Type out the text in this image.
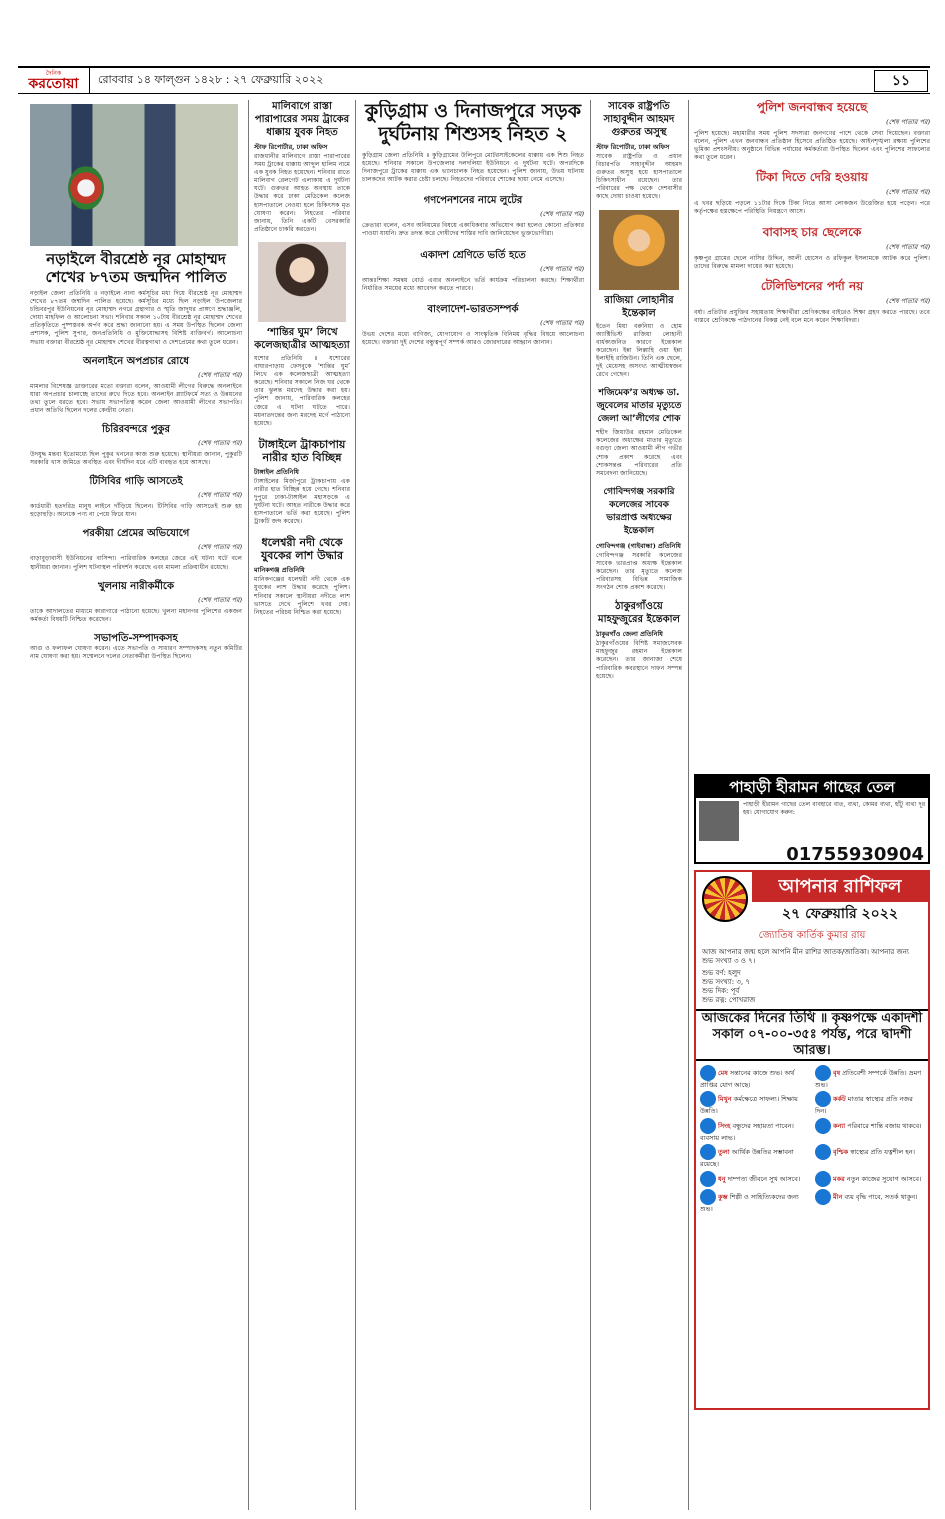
দৈনিক
করতোয়া	রোববার ১৪ ফাল্গুন ১৪২৮ : ২৭ ফেব্রুয়ারি ২০২২	১১
নড়াইলে বীরশ্রেষ্ঠ নূর মোহাম্মদ শেখের ৮৭তম জন্মদিন পালিত
নড়াইল জেলা প্রতিনিধি ॥ নড়াইলে নানা কর্মসূচির মধ্য দিয়ে বীরশ্রেষ্ঠ নূর মোহাম্মদ শেখের ৮৭তম জন্মদিন পালিত হয়েছে। কর্মসূচির মধ্যে ছিল নড়াইল উপজেলার চন্ডিবরপুর ইউনিয়নের নূর মোহাম্মদ নগরে গ্রন্থাগার ও স্মৃতি জাদুঘর প্রাঙ্গণে শ্রদ্ধাঞ্জলি, দোয়া মাহফিল ও আলোচনা সভা। শনিবার সকাল ১০টায় বীরশ্রেষ্ঠ নূর মোহাম্মদ শেখের প্রতিকৃতিতে পুষ্পস্তবক অর্পণ করে শ্রদ্ধা জানানো হয়। এ সময় উপস্থিত ছিলেন জেলা প্রশাসক, পুলিশ সুপার, জনপ্রতিনিধি ও মুক্তিযোদ্ধাসহ বিশিষ্ট ব্যক্তিবর্গ। আলোচনা সভায় বক্তারা বীরশ্রেষ্ঠ নূর মোহাম্মদ শেখের বীরত্বগাথা ও দেশপ্রেমের কথা তুলে ধরেন।
অনলাইনে অপপ্রচার রোধে
(শেষ পাতার পর)
মামলার বিশেষজ্ঞ ডাক্তারের মতো বক্তারা বলেন, আওয়ামী লীগের বিরুদ্ধে অনলাইনে যারা অপপ্রচার চালাচ্ছে তাদের রুখে দিতে হবে। অনলাইন প্ল্যাটফর্মে সত্য ও উন্নয়নের তথ্য তুলে ধরতে হবে। সভায় সভাপতিত্ব করেন জেলা আওয়ামী লীগের সভাপতি। প্রধান অতিথি ছিলেন দলের কেন্দ্রীয় নেতা।
চিরিরবন্দরে পুকুর
(শেষ পাতার পর)
উদযুদ্ধ মন্তব্য ইতোমধ্যে ছিল পুকুর খননের কাজ শুরু হয়েছে। স্থানীয়রা জানান, পুকুরটি সরকারি খাস জমিতে অবস্থিত এবং দীর্ঘদিন ধরে এটি ব্যবহৃত হয়ে আসছে।
টিসিবির গাড়ি আসতেই
(শেষ পাতার পর)
কার্ডধারী হতদরিদ্র মানুষ লাইনে দাঁড়িয়ে ছিলেন। টিসিবির গাড়ি আসতেই শুরু হয় হুড়োহুড়ি। অনেকে পণ্য না পেয়ে ফিরে যান।
পরকীয়া প্রেমের অভিযোগে
(শেষ পাতার পর)
বাড়াবুড়াবাসী ইউনিয়নের বাসিন্দা। পারিবারিক কলহের জেরে এই ঘটনা ঘটে বলে স্থানীয়রা জানান। পুলিশ ঘটনাস্থল পরিদর্শন করেছে এবং মামলা প্রক্রিয়াধীন রয়েছে।
খুলনায় নারীকর্মীকে
(শেষ পাতার পর)
তাকে আদালতের মাধ্যমে কারাগারে পাঠানো হয়েছে। খুলনা মহানগর পুলিশের একজন কর্মকর্তা বিষয়টি নিশ্চিত করেছেন।
সভাপতি-সম্পাদকসহ
আগু ও ফলাফল ঘোষণা করেন। এতে সভাপতি ও সাধারণ সম্পাদকসহ নতুন কমিটির নাম ঘোষণা করা হয়। সম্মেলনে দলের নেতাকর্মীরা উপস্থিত ছিলেন।
মালিবাগে রাস্তা পারাপারের সময় ট্রাকের ধাক্কায় যুবক নিহত
স্টাফ রিপোর্টার, ঢাকা অফিস
রাজধানীর মালিবাগে রাস্তা পারাপারের সময় ট্রাকের ধাক্কায় আব্দুল হালিম নামে এক যুবক নিহত হয়েছেন। শনিবার রাতে মালিবাগ রেলগেট এলাকায় এ দুর্ঘটনা ঘটে। গুরুতর আহত অবস্থায় তাকে উদ্ধার করে ঢাকা মেডিকেল কলেজ হাসপাতালে নেওয়া হলে চিকিৎসক মৃত ঘোষণা করেন। নিহতের পরিবার জানায়, তিনি একটি বেসরকারি প্রতিষ্ঠানে চাকরি করতেন।
‘শান্তির ঘুম’ লিখে কলেজছাত্রীর আত্মহত্যা
যশোর প্রতিনিধি ॥ যশোরের বাঘারপাড়ায় ফেসবুকে ‘শান্তির ঘুম’ লিখে এক কলেজছাত্রী আত্মহত্যা করেছে। শনিবার সকালে নিজ ঘর থেকে তার ঝুলন্ত মরদেহ উদ্ধার করা হয়। পুলিশ জানায়, পারিবারিক কলহের জেরে এ ঘটনা ঘটতে পারে। ময়নাতদন্তের জন্য মরদেহ মর্গে পাঠানো হয়েছে।
টাঙ্গাইলে ট্রাকচাপায় নারীর হাত বিচ্ছিন্ন
টাঙ্গাইল প্রতিনিধি
টাঙ্গাইলের মির্জাপুরে ট্রাকচাপায় এক নারীর হাত বিচ্ছিন্ন হয়ে গেছে। শনিবার দুপুরে ঢাকা-টাঙ্গাইল মহাসড়কে এ দুর্ঘটনা ঘটে। আহত নারীকে উদ্ধার করে হাসপাতালে ভর্তি করা হয়েছে। পুলিশ ট্রাকটি জব্দ করেছে।
ধলেশ্বরী নদী থেকে যুবকের লাশ উদ্ধার
মানিকগঞ্জ প্রতিনিধি
মানিকগঞ্জের ধলেশ্বরী নদী থেকে এক যুবকের লাশ উদ্ধার করেছে পুলিশ। শনিবার সকালে স্থানীয়রা নদীতে লাশ ভাসতে দেখে পুলিশে খবর দেয়। নিহতের পরিচয় নিশ্চিত করা হয়েছে।
কুড়িগ্রাম ও দিনাজপুরে সড়ক দুর্ঘটনায় শিশুসহ নিহত ২
কুড়িগ্রাম জেলা প্রতিনিধি ॥ কুড়িগ্রামের উলিপুরে মোটরসাইকেলের ধাক্কায় এক শিশু নিহত হয়েছে। শনিবার সকালে উপজেলার দলদলিয়া ইউনিয়নে এ দুর্ঘটনা ঘটে। অপরদিকে দিনাজপুরে ট্রাকের ধাক্কায় এক ভ্যানচালক নিহত হয়েছেন। পুলিশ জানায়, উভয় ঘটনায় চালকদের আটক করার চেষ্টা চলছে। নিহতদের পরিবারে শোকের ছায়া নেমে এসেছে।
গণপেনশনের নামে লুটের
(শেষ পাতার পর)
ক্রেতারা বলেন, এসব অনিয়মের বিষয়ে একাধিকবার অভিযোগ করা হলেও কোনো প্রতিকার পাওয়া যায়নি। দ্রুত তদন্ত করে দোষীদের শাস্তির দাবি জানিয়েছেন ভুক্তভোগীরা।
একাদশ শ্রেণিতে ভর্তি হতে
(শেষ পাতার পর)
আন্তঃশিক্ষা সমন্বয় বোর্ড এবার অনলাইনে ভর্তি কার্যক্রম পরিচালনা করছে। শিক্ষার্থীরা নির্ধারিত সময়ের মধ্যে আবেদন করতে পারবে।
বাংলাদেশ-ভারতসম্পর্ক
(শেষ পাতার পর)
উভয় দেশের মধ্যে বাণিজ্য, যোগাযোগ ও সাংস্কৃতিক বিনিময় বৃদ্ধির বিষয়ে আলোচনা হয়েছে। বক্তারা দুই দেশের বন্ধুত্বপূর্ণ সম্পর্ক আরও জোরদারের আহ্বান জানান।
সাবেক রাষ্ট্রপতি সাহাবুদ্দীন আহমদ গুরুতর অসুস্থ
স্টাফ রিপোর্টার, ঢাকা অফিস
সাবেক রাষ্ট্রপতি ও প্রধান বিচারপতি সাহাবুদ্দীন আহমদ গুরুতর অসুস্থ হয়ে হাসপাতালে চিকিৎসাধীন রয়েছেন। তার পরিবারের পক্ষ থেকে দেশবাসীর কাছে দোয়া চাওয়া হয়েছে।
রাজিয়া লোহানীর ইন্তেকাল
ইতেন মিয়া বরুনিয়া ও হোম অ্যাক্টিভিস্ট রাজিয়া লোহানী বার্ধক্যজনিত কারণে ইন্তেকাল করেছেন। ইন্না লিল্লাহি ওয়া ইন্না ইলাইহি রাজিউন। তিনি এক ছেলে, দুই মেয়েসহ অসংখ্য আত্মীয়স্বজন রেখে গেছেন।
শজিমেক’র অধ্যক্ষ ডা. জুবেলের মাতার মৃত্যুতে জেলা আ’লীগের শোক
শহীদ জিয়াউর রহমান মেডিকেল কলেজের অধ্যক্ষের মাতার মৃত্যুতে বগুড়া জেলা আওয়ামী লীগ গভীর শোক প্রকাশ করেছে এবং শোকসন্তপ্ত পরিবারের প্রতি সমবেদনা জানিয়েছে।
গোবিন্দগঞ্জ সরকারি কলেজের সাবেক ভারপ্রাপ্ত অধ্যক্ষের ইন্তেকাল
গোবিন্দগঞ্জ (গাইবান্ধা) প্রতিনিধি
গোবিন্দগঞ্জ সরকারি কলেজের সাবেক ভারপ্রাপ্ত অধ্যক্ষ ইন্তেকাল করেছেন। তার মৃত্যুতে কলেজ পরিবারসহ বিভিন্ন সামাজিক সংগঠন শোক প্রকাশ করেছে।
ঠাকুরগাঁওয়ে মাহফুজুরের ইন্তেকাল
ঠাকুরগাঁও জেলা প্রতিনিধি
ঠাকুরগাঁওয়ের বিশিষ্ট সমাজসেবক মাহফুজুর রহমান ইন্তেকাল করেছেন। তার জানাজা শেষে পারিবারিক কবরস্থানে দাফন সম্পন্ন হয়েছে।
পুলিশ জনবান্ধব হয়েছে
(শেষ পাতার পর)
পুলিশ হয়েছে। মহামারীর সময় পুলিশ সদস্যরা জনগণের পাশে থেকে সেবা দিয়েছেন। বক্তারা বলেন, পুলিশ এখন জনবান্ধব প্রতিষ্ঠান হিসেবে প্রতিষ্ঠিত হয়েছে। আইনশৃঙ্খলা রক্ষায় পুলিশের ভূমিকা প্রশংসনীয়। অনুষ্ঠানে বিভিন্ন পর্যায়ের কর্মকর্তারা উপস্থিত ছিলেন এবং পুলিশের সাফল্যের কথা তুলে ধরেন।
টিকা দিতে দেরি হওয়ায়
(শেষ পাতার পর)
এ খবর ছড়িয়ে পড়লে ১১টার দিকে টিকা নিতে আসা লোকজন উত্তেজিত হয়ে পড়েন। পরে কর্তৃপক্ষের হস্তক্ষেপে পরিস্থিতি নিয়ন্ত্রণে আসে।
বাবাসহ চার ছেলেকে
(শেষ পাতার পর)
কৃষ্ণপুর গ্রামের ছেলে নাসির উদ্দিন, আলী হোসেন ও রফিকুল ইসলামকে আটক করে পুলিশ। তাদের বিরুদ্ধে মামলা দায়ের করা হয়েছে।
টেলিভিশনের পর্দা নয়
(শেষ পাতার পর)
বর্ষা। প্রতিটার প্রযুক্তির সহায়তায় শিক্ষার্থীরা শ্রেণিকক্ষের বাইরেও শিক্ষা গ্রহণ করতে পারছে। তবে বাস্তবে শ্রেণিকক্ষে পাঠদানের বিকল্প নেই বলে মনে করেন শিক্ষাবিদরা।
পাহাড়ী হীরামন গাছের তেল
পাহাড়ী হীরামন গাছের তেল ব্যবহারে বাত, ব্যথা, কোমর ব্যথা, হাঁটু ব্যথা দূর হয়। যোগাযোগ করুন:
01755930904
আপনার রাশিফল
২৭ ফেব্রুয়ারি ২০২২
জ্যোতিষ কার্তিক কুমার রায়
আজ আপনার জন্ম হলে আপনি মীন রাশির জাতক/জাতিকা। আপনার জন্য শুভ সংখ্যা ৩ ও ৭।
শুভ বর্ণ: হলুদ
শুভ সংখ্যা: ৩, ৭
শুভ দিক: পূর্ব
শুভ রত্ন: পোখরাজ
আজকের দিনের তিথি ॥ কৃষ্ণপক্ষে একাদশী সকাল ০৭-০০-৩৫ঃ পর্যন্ত, পরে দ্বাদশী আরম্ভ।
মেষ সন্তানের কাজে শুভ। অর্থ প্রাপ্তির যোগ আছে।
বৃষ প্রতিবেশী সম্পর্কে উন্নতি। ভ্রমণ শুভ।
মিথুন কর্মক্ষেত্রে সাফল্য। শিক্ষায় উন্নতি।
কর্কট মাতার স্বাস্থ্যের প্রতি নজর দিন।
সিংহ বন্ধুদের সহায়তা পাবেন। ব্যবসায় লাভ।
কন্যা পরিবারে শান্তি বজায় থাকবে।
তুলা আর্থিক উন্নতির সম্ভাবনা রয়েছে।
বৃশ্চিক স্বাস্থ্যের প্রতি যত্নশীল হন।
ধনু দাম্পত্য জীবনে সুখ আসবে।	মকর নতুন কাজের সুযোগ আসবে।
কুম্ভ শিল্পী ও সাহিত্যিকদের জন্য শুভ।
মীন ব্যয় বৃদ্ধি পাবে, সতর্ক থাকুন।
